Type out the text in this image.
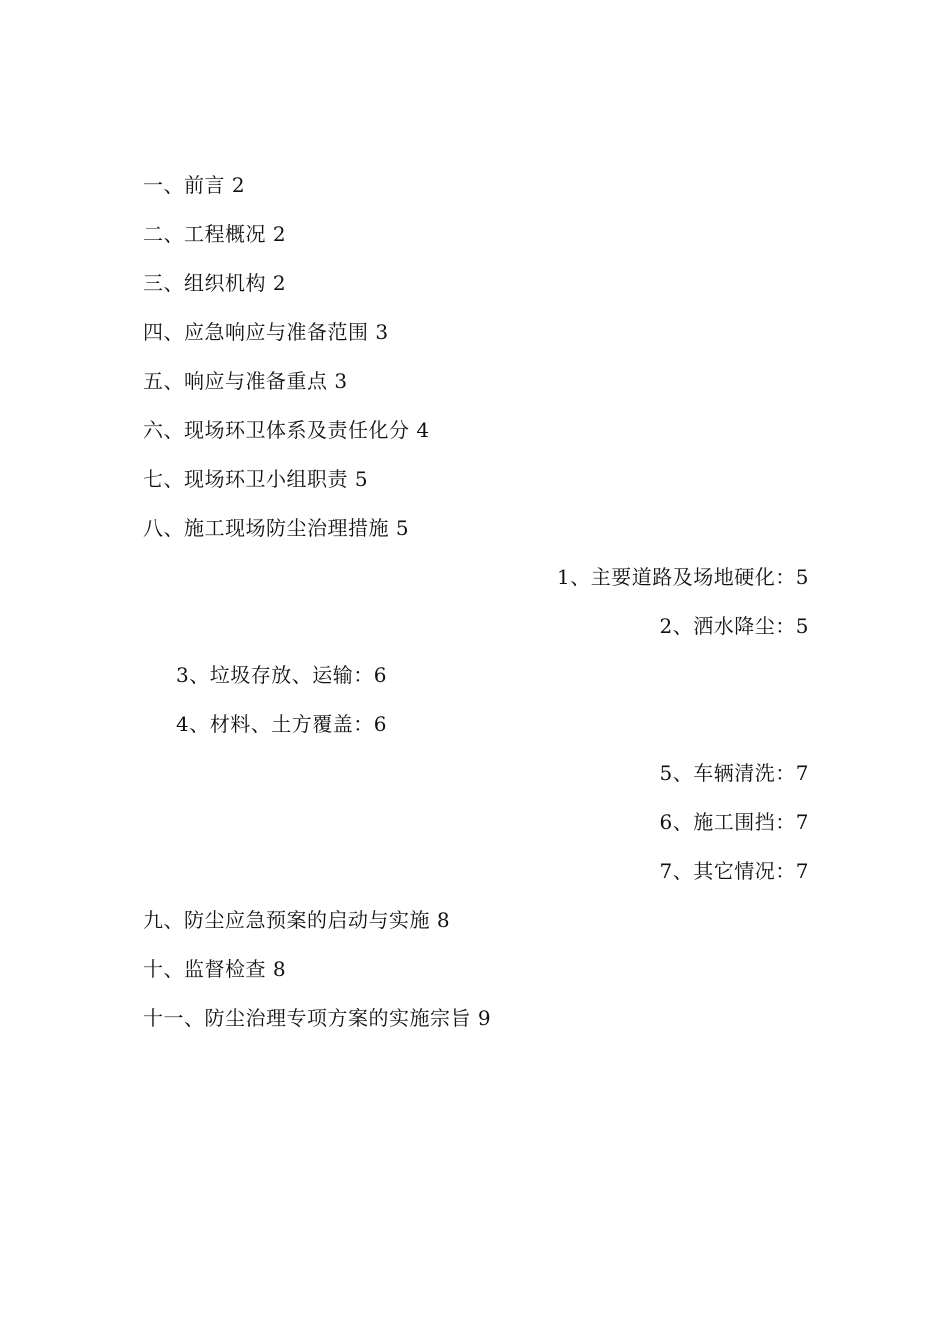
一、前言 2
二、工程概况 2
三、组织机构 2
四、应急响应与准备范围 3
五、响应与准备重点 3
六、现场环卫体系及责任化分 4
七、现场环卫小组职责 5
八、施工现场防尘治理措施 5
1、主要道路及场地硬化：5
2、洒水降尘：5
3、垃圾存放、运输：6
4、材料、土方覆盖：6
5、车辆清洗：7
6、施工围挡：7
7、其它情况：7
九、防尘应急预案的启动与实施 8
十、监督检查 8
十一、防尘治理专项方案的实施宗旨 9
